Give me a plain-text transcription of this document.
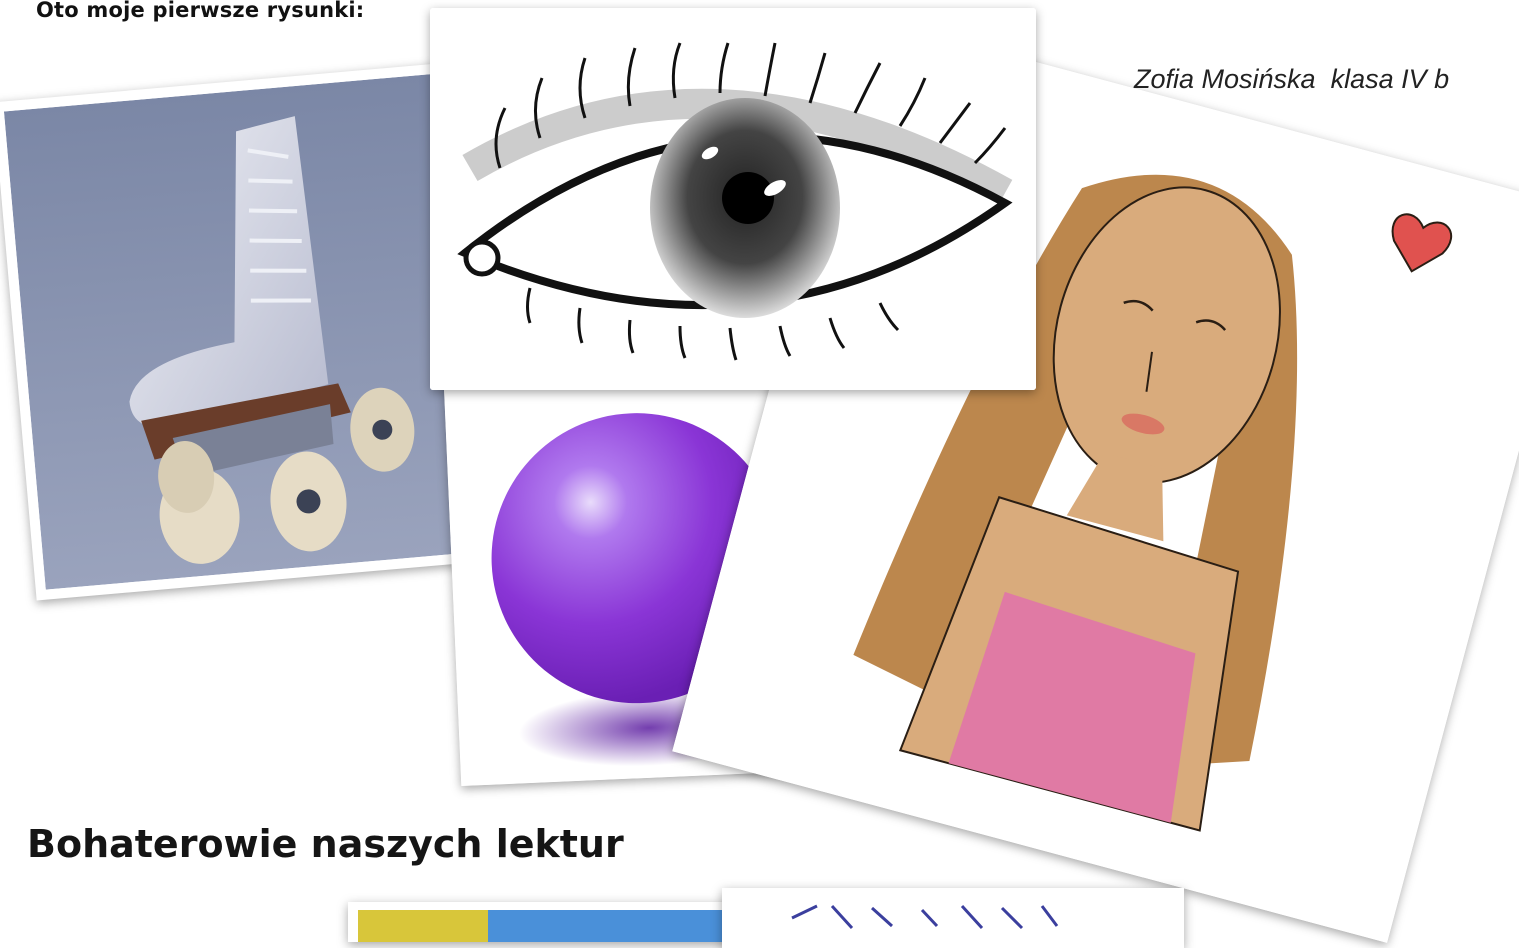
Oto moje pierwsze rysunki:
Zofia Mosińska  klasa IV b
Bohaterowie naszych lektur
